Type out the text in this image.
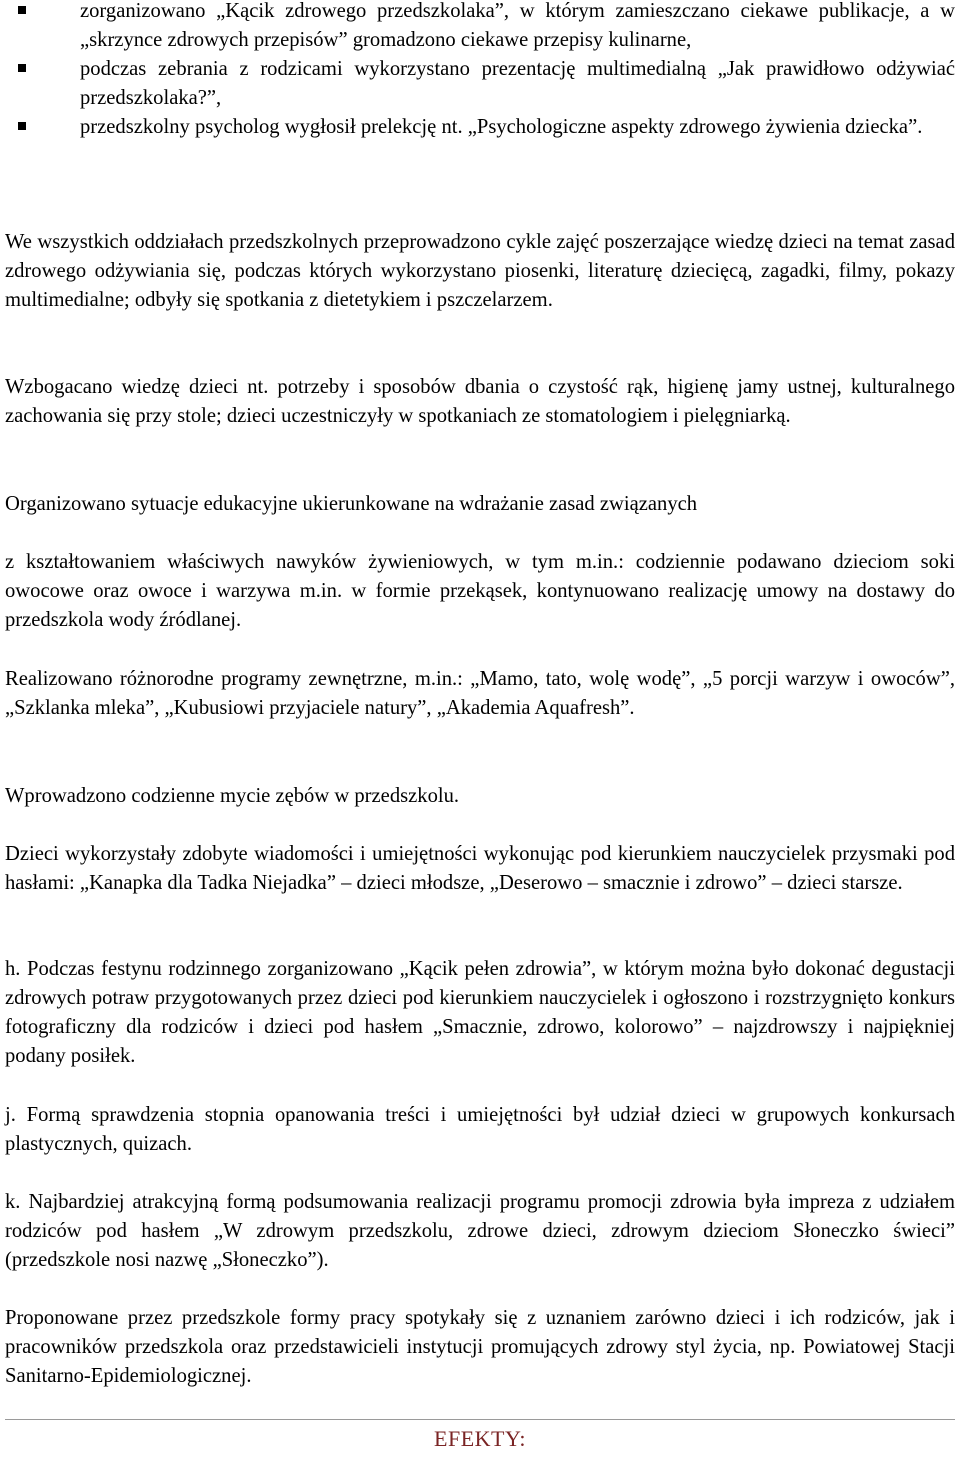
zorganizowano „Kącik zdrowego przedszkolaka”, w którym zamieszczano ciekawe publikacje, a w „skrzynce zdrowych przepisów” gromadzono ciekawe przepisy kulinarne,
podczas zebrania z rodzicami wykorzystano prezentację multimedialną „Jak prawidłowo odżywiać przedszkolaka?”,
przedszkolny psycholog wygłosił prelekcję nt. „Psychologiczne aspekty zdrowego żywienia dziecka”.

We wszystkich oddziałach przedszkolnych przeprowadzono cykle zajęć poszerzające wiedzę dzieci na temat zasad zdrowego odżywiania się, podczas których wykorzystano piosenki, literaturę dziecięcą, zagadki, filmy, pokazy multimedialne; odbyły się spotkania z dietetykiem i pszczelarzem.

Wzbogacano wiedzę dzieci nt. potrzeby i sposobów dbania o czystość rąk, higienę jamy ustnej, kulturalnego zachowania się przy stole; dzieci uczestniczyły w spotkaniach ze stomatologiem i pielęgniarką.

Organizowano sytuacje edukacyjne ukierunkowane na wdrażanie zasad związanych

z kształtowaniem właściwych nawyków żywieniowych, w tym m.in.: codziennie podawano dzieciom soki owocowe oraz owoce i warzywa m.in. w formie przekąsek, kontynuowano realizację umowy na dostawy do przedszkola wody źródlanej.

Realizowano różnorodne programy zewnętrzne, m.in.: „Mamo, tato, wolę wodę”, „5 porcji warzyw i owoców”, „Szklanka mleka”, „Kubusiowi przyjaciele natury”, „Akademia Aquafresh”.

Wprowadzono codzienne mycie zębów w przedszkolu.

Dzieci wykorzystały zdobyte wiadomości i umiejętności wykonując pod kierunkiem nauczycielek przysmaki pod hasłami: „Kanapka dla Tadka Niejadka” – dzieci młodsze, „Deserowo – smacznie i zdrowo” – dzieci starsze.

h. Podczas festynu rodzinnego zorganizowano „Kącik pełen zdrowia”, w którym można było dokonać degustacji zdrowych potraw przygotowanych przez dzieci pod kierunkiem nauczycielek i ogłoszono i rozstrzygnięto konkurs fotograficzny dla rodziców i dzieci pod hasłem „Smacznie, zdrowo, kolorowo” – najzdrowszy i najpiękniej podany posiłek.

j. Formą sprawdzenia stopnia opanowania treści i umiejętności był udział dzieci w grupowych konkursach plastycznych, quizach.

k. Najbardziej atrakcyjną formą podsumowania realizacji programu promocji zdrowia była impreza z udziałem rodziców pod hasłem „W zdrowym przedszkolu, zdrowe dzieci, zdrowym dzieciom Słoneczko świeci” (przedszkole nosi nazwę „Słoneczko”).

Proponowane przez przedszkole formy pracy spotykały się z uznaniem zarówno dzieci i ich rodziców, jak i pracowników przedszkola oraz przedstawicieli instytucji promujących zdrowy styl życia, np. Powiatowej Stacji Sanitarno-Epidemiologicznej.

EFEKTY:
